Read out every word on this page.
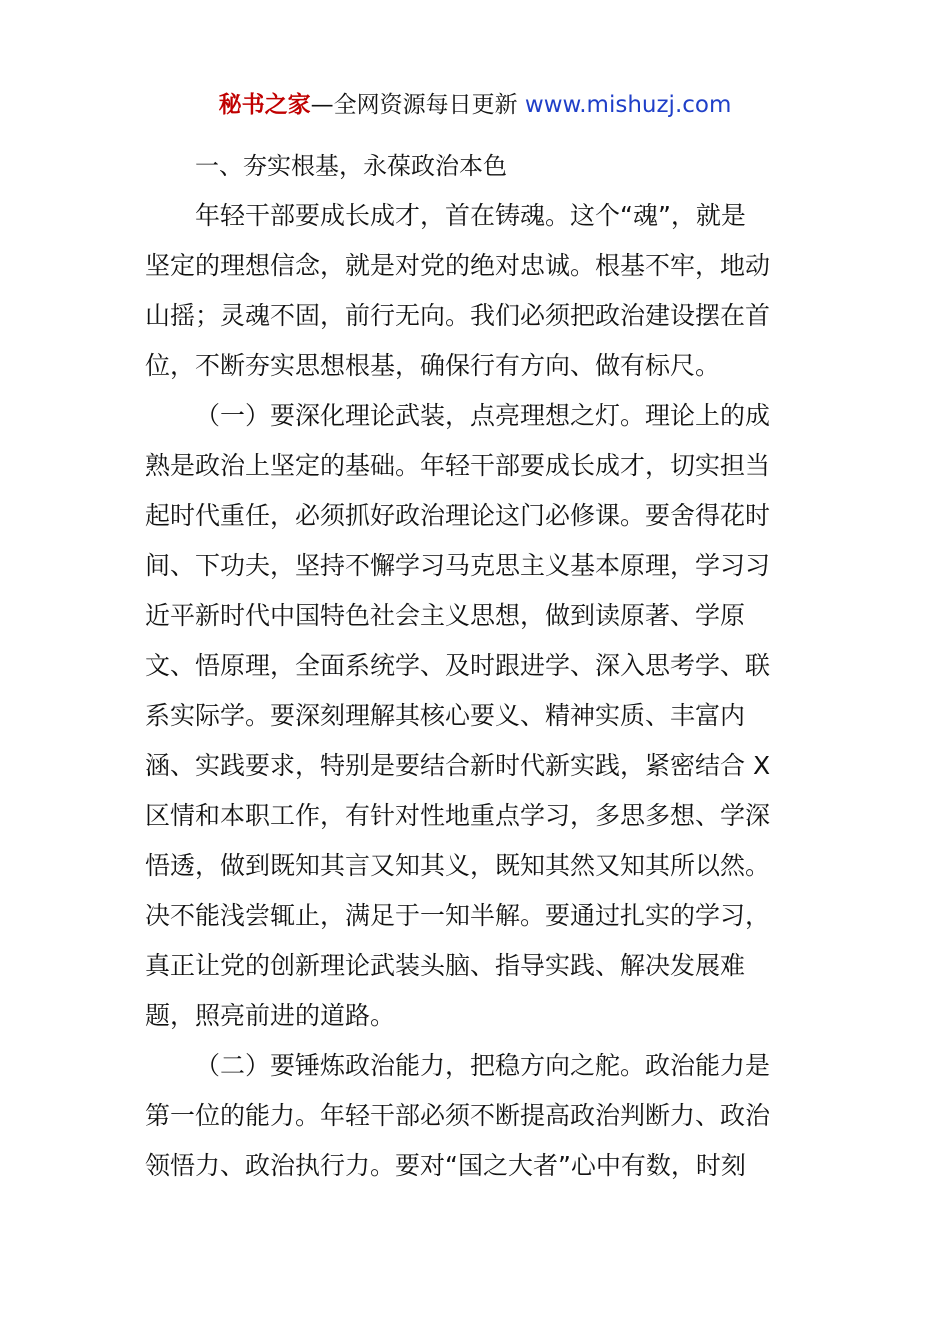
秘书之家—全网资源每日更新 www.mishuzj.com
一、夯实根基，永葆政治本色
年轻干部要成长成才，首在铸魂。这个“魂”，就是
坚定的理想信念，就是对党的绝对忠诚。根基不牢，地动
山摇；灵魂不固，前行无向。我们必须把政治建设摆在首
位，不断夯实思想根基，确保行有方向、做有标尺。
（一）要深化理论武装，点亮理想之灯。理论上的成
熟是政治上坚定的基础。年轻干部要成长成才，切实担当
起时代重任，必须抓好政治理论这门必修课。要舍得花时
间、下功夫，坚持不懈学习马克思主义基本原理，学习习
近平新时代中国特色社会主义思想，做到读原著、学原
文、悟原理，全面系统学、及时跟进学、深入思考学、联
系实际学。要深刻理解其核心要义、精神实质、丰富内
涵、实践要求，特别是要结合新时代新实践，紧密结合 X
区情和本职工作，有针对性地重点学习，多思多想、学深
悟透，做到既知其言又知其义，既知其然又知其所以然。
决不能浅尝辄止，满足于一知半解。要通过扎实的学习，
真正让党的创新理论武装头脑、指导实践、解决发展难
题，照亮前进的道路。
（二）要锤炼政治能力，把稳方向之舵。政治能力是
第一位的能力。年轻干部必须不断提高政治判断力、政治
领悟力、政治执行力。要对“国之大者”心中有数，时刻
